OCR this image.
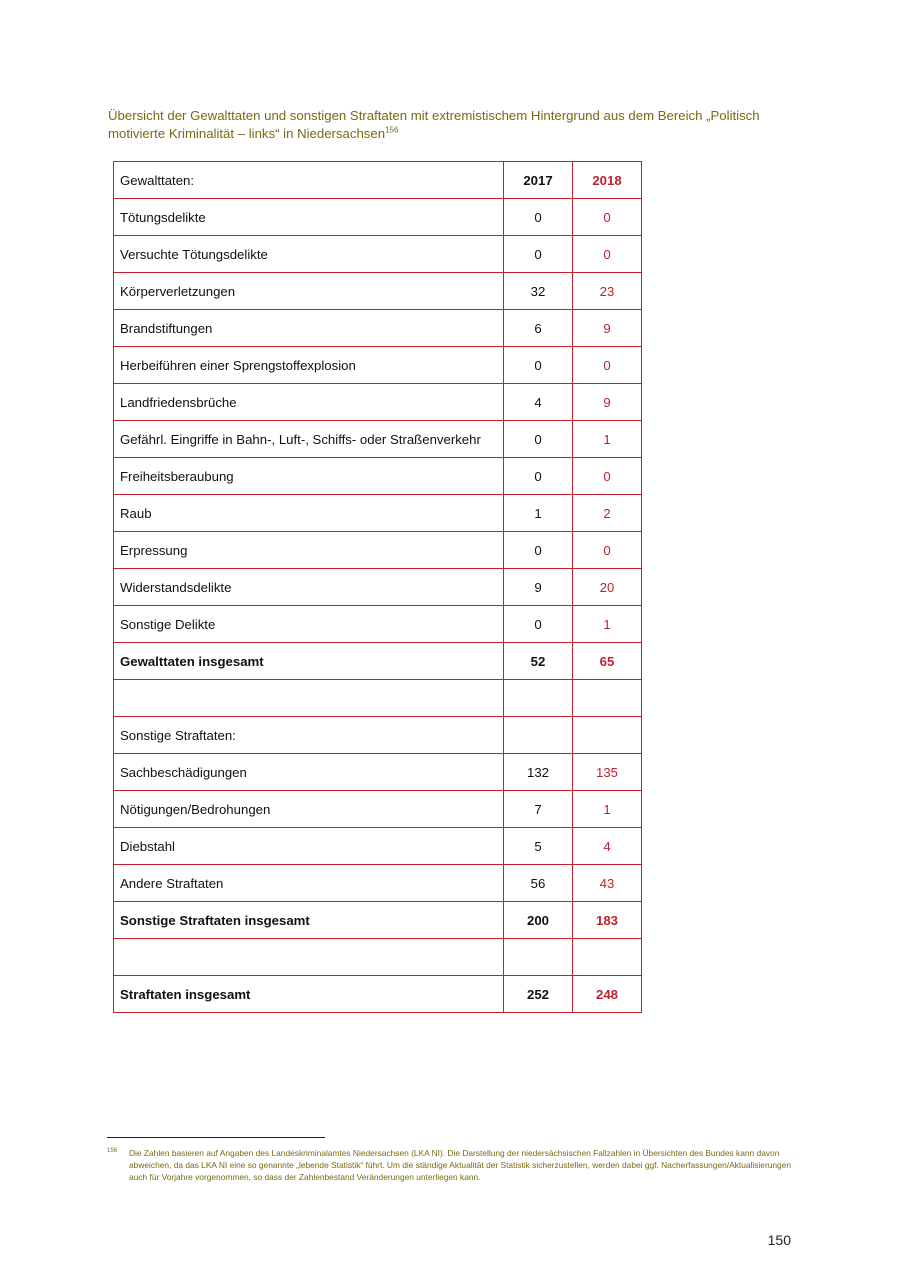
Übersicht der Gewalttaten und sonstigen Straftaten mit extremistischem Hintergrund aus dem Bereich „Politisch motivierte Kriminalität – links“ in Niedersachsen$^{156}$
Gewalttaten:	2017	2018
Tötungsdelikte	0	0
Versuchte Tötungsdelikte	0	0
Körperverletzungen	32	23
Brandstiftungen	6	9
Herbeiführen einer Sprengstoffexplosion	0	0
Landfriedensbrüche	4	9
Gefährl. Eingriffe in Bahn-, Luft-, Schiffs- oder Straßenverkehr	0	1
Freiheitsberaubung	0	0
Raub	1	2
Erpressung	0	0
Widerstandsdelikte	9	20
Sonstige Delikte	0	1
Gewalttaten insgesamt	52	65

Sonstige Straftaten:		
Sachbeschädigungen	132	135
Nötigungen/Bedrohungen	7	1
Diebstahl	5	4
Andere Straftaten	56	43
Sonstige Straftaten insgesamt	200	183

Straftaten insgesamt	252	248
156 Die Zahlen basieren auf Angaben des Landeskriminalamtes Niedersachsen (LKA NI). Die Darstellung der niedersächsischen Fallzahlen in Übersichten des Bundes kann davon abweichen, da das LKA NI eine so genannte „lebende Statistik“ führt. Um die ständige Aktualität der Statistik sicherzustellen, werden dabei ggf. Nacherfassungen/Aktualisierungen auch für Vorjahre vorgenommen, so dass der Zahlenbestand Veränderungen unterliegen kann.
150
